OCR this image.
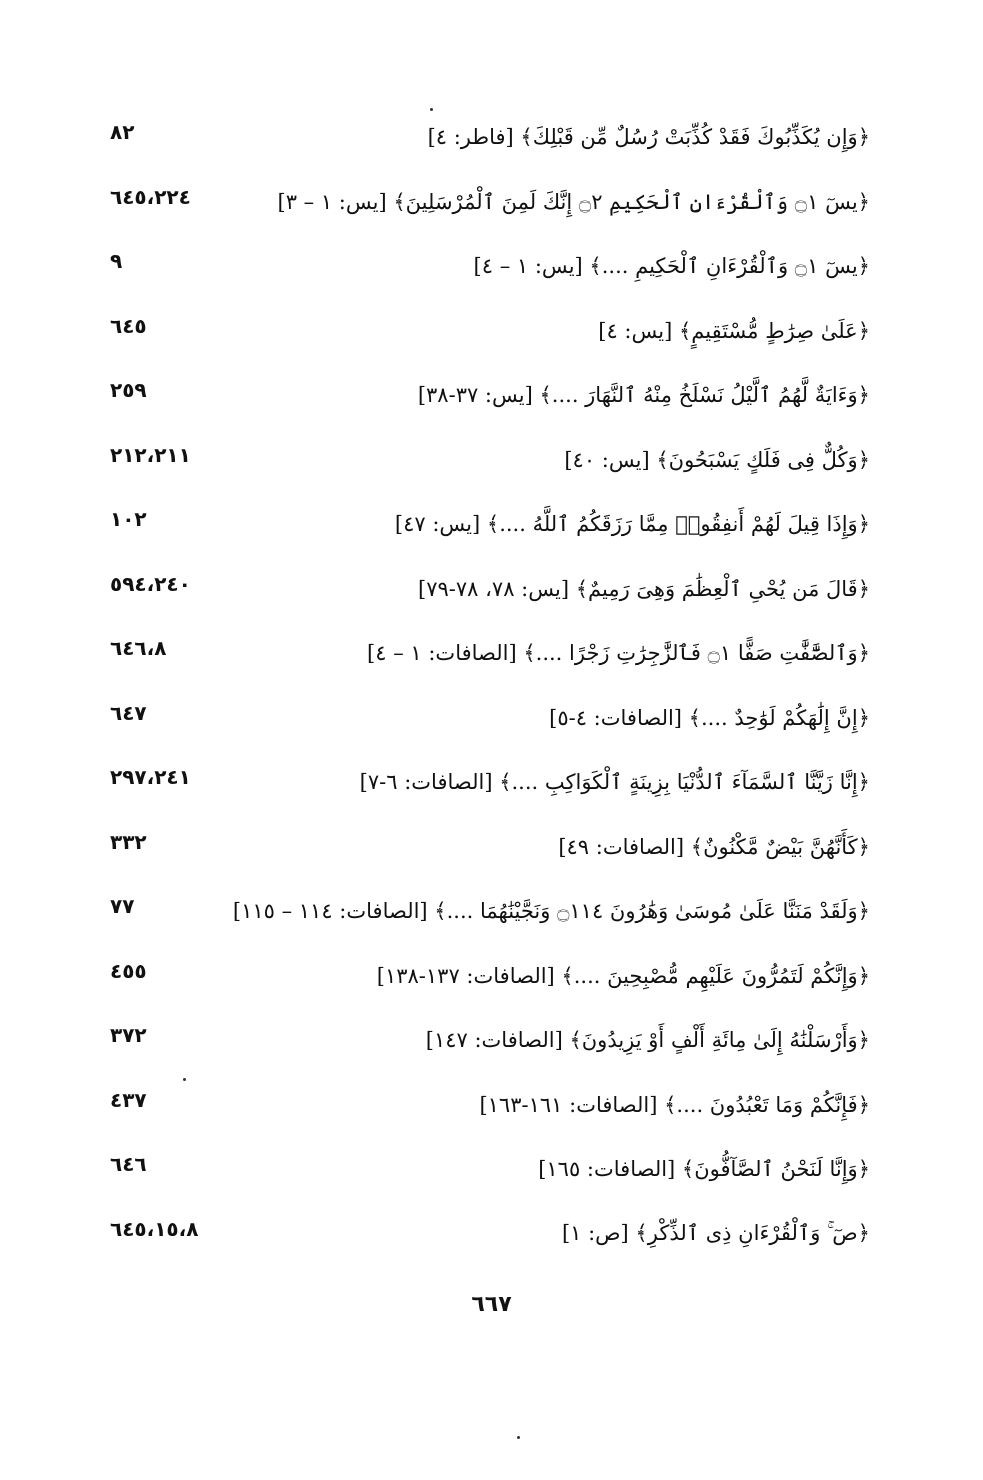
﴿وَإِن يُكَذِّبُوكَ فَقَدْ كُذِّبَتْ رُسُلٌ مِّن قَبْلِكَ﴾ [فاطر: ٤]
٨٢
﴿يسٓ ۝١ وَٱلْقُرْءَانِ ٱلْحَكِيمِ ۝٢ إِنَّكَ لَمِنَ ٱلْمُرْسَلِينَ﴾ [يس: ١ – ٣]
٦٤٥،٢٢٤
﴿يسٓ ۝١ وَٱلْقُرْءَانِ ٱلْحَكِيمِ ....﴾ [يس: ١ – ٤]
٩
﴿عَلَىٰ صِرَٰطٍ مُّسْتَقِيمٍ﴾ [يس: ٤]
٦٤٥
﴿وَءَايَةٌ لَّهُمُ ٱلَّيْلُ نَسْلَخُ مِنْهُ ٱلنَّهَارَ ....﴾ [يس: ٣٧-٣٨]
٢٥٩
﴿وَكُلٌّ فِى فَلَكٍ يَسْبَحُونَ﴾ [يس: ٤٠]
٢١٢،٢١١
﴿وَإِذَا قِيلَ لَهُمْ أَنفِقُوا۟ مِمَّا رَزَقَكُمُ ٱللَّهُ ....﴾ [يس: ٤٧]
١٠٢
﴿قَالَ مَن يُحْىِ ٱلْعِظَٰمَ وَهِىَ رَمِيمٌ﴾ [يس: ٧٨، ٧٨-٧٩]
٥٩٤،٢٤٠
﴿وَٱلصَّٰٓفَّٰتِ صَفًّا ۝١ فَٱلزَّٰجِرَٰتِ زَجْرًا ....﴾ [الصافات: ١ – ٤]
٦٤٦،٨
﴿إِنَّ إِلَٰهَكُمْ لَوَٰحِدٌ ....﴾ [الصافات: ٤-٥]
٦٤٧
﴿إِنَّا زَيَّنَّا ٱلسَّمَآءَ ٱلدُّنْيَا بِزِينَةٍ ٱلْكَوَاكِبِ ....﴾ [الصافات: ٦-٧]
٢٩٧،٢٤١
﴿كَأَنَّهُنَّ بَيْضٌ مَّكْنُونٌ﴾ [الصافات: ٤٩]
٣٣٢
﴿وَلَقَدْ مَنَنَّا عَلَىٰ مُوسَىٰ وَهَٰرُونَ ۝١١٤ وَنَجَّيْنَٰهُمَا ....﴾ [الصافات: ١١٤ – ١١٥]
٧٧
﴿وَإِنَّكُمْ لَتَمُرُّونَ عَلَيْهِم مُّصْبِحِينَ ....﴾ [الصافات: ١٣٧-١٣٨]
٤٥٥
﴿وَأَرْسَلْنَٰهُ إِلَىٰ مِائَةِ أَلْفٍ أَوْ يَزِيدُونَ﴾ [الصافات: ١٤٧]
٣٧٢
﴿فَإِنَّكُمْ وَمَا تَعْبُدُونَ ....﴾ [الصافات: ١٦١-١٦٣]
٤٣٧
﴿وَإِنَّا لَنَحْنُ ٱلصَّآفُّونَ﴾ [الصافات: ١٦٥]
٦٤٦
﴿صٓ ۚ وَٱلْقُرْءَانِ ذِى ٱلذِّكْرِ﴾ [ص: ١]
٦٤٥،١٥،٨
٦٦٧
